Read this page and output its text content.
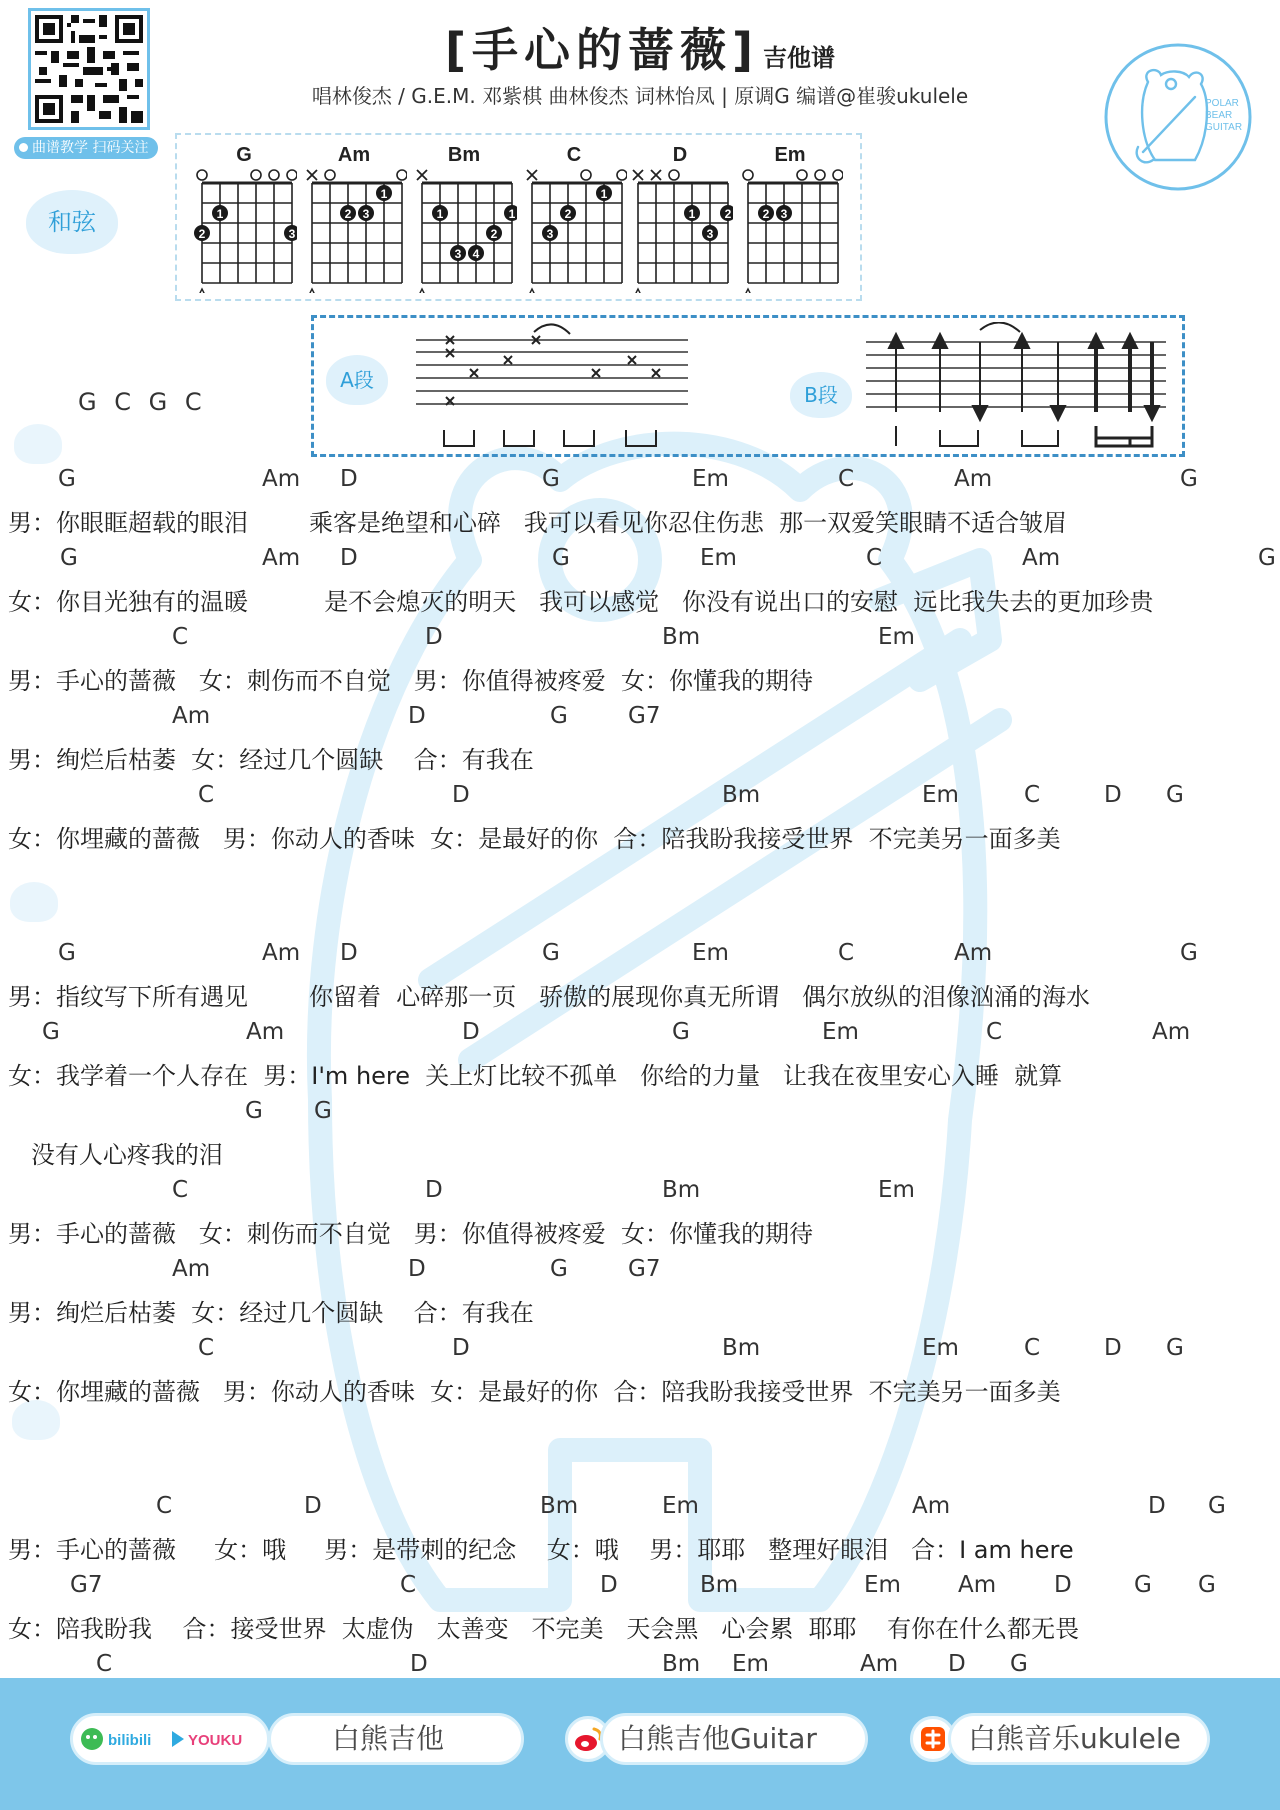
曲谱教学 扫码关注
[手心的蔷薇] 吉他谱
唱林俊杰 / G.E.M. 邓紫棋 曲林俊杰 词林怡凤 | 原调G 编谱@崔骏ukulele	POLAR
BEAR
GUITAR
和弦
G
1
2	3
Am
1
2 3
Bm
1	1
2
3 4
C
1
2
3
D
1 2
3
Em
2 3
A段
B段
G C G C
G	Am D	G	Em	C	Am	G
男：你眼眶超载的眼泪        乘客是绝望和心碎   我可以看见你忍住伤悲  那一双爱笑眼睛不适合皱眉
G	Am D	G	Em	C	Am	G
女：你目光独有的温暖          是不会熄灭的明天   我可以感觉   你没有说出口的安慰  远比我失去的更加珍贵
C	D	Bm	Em
男：手心的蔷薇   女：刺伤而不自觉   男：你值得被疼爱  女：你懂我的期待
Am	D	G	G7
男：绚烂后枯萎  女：经过几个圆缺    合：有我在
C	D	Bm	Em	C	D G
女：你埋藏的蔷薇   男：你动人的香味  女：是最好的你  合：陪我盼我接受世界  不完美另一面多美
G	Am D	G	Em	C	Am	G
男：指纹写下所有遇见        你留着  心碎那一页   骄傲的展现你真无所谓   偶尔放纵的泪像汹涌的海水
G	Am	D	G	Em	C	Am
女：我学着一个人存在  男：I'm here  关上灯比较不孤单   你给的力量   让我在夜里安心入睡  就算
G G
没有人心疼我的泪
C	D	Bm	Em
男：手心的蔷薇   女：刺伤而不自觉   男：你值得被疼爱  女：你懂我的期待
Am	D	G	G7
男：绚烂后枯萎  女：经过几个圆缺    合：有我在
C	D	Bm	Em	C	D G
女：你埋藏的蔷薇   男：你动人的香味  女：是最好的你  合：陪我盼我接受世界  不完美另一面多美
C	D	Bm	Em	Am	D G
男：手心的蔷薇     女：哦     男：是带刺的纪念    女：哦    男：耶耶   整理好眼泪   合：I am here
G7	C	D	Bm	Em Am	D	G G
女：陪我盼我    合：接受世界  太虚伪   太善变   不完美   天会黑   心会累  耶耶    有你在什么都无畏
C	D	Bm Em	Am D G
bilibili YOUKU	白熊吉他	白熊吉他Guitar	白熊音乐ukulele
